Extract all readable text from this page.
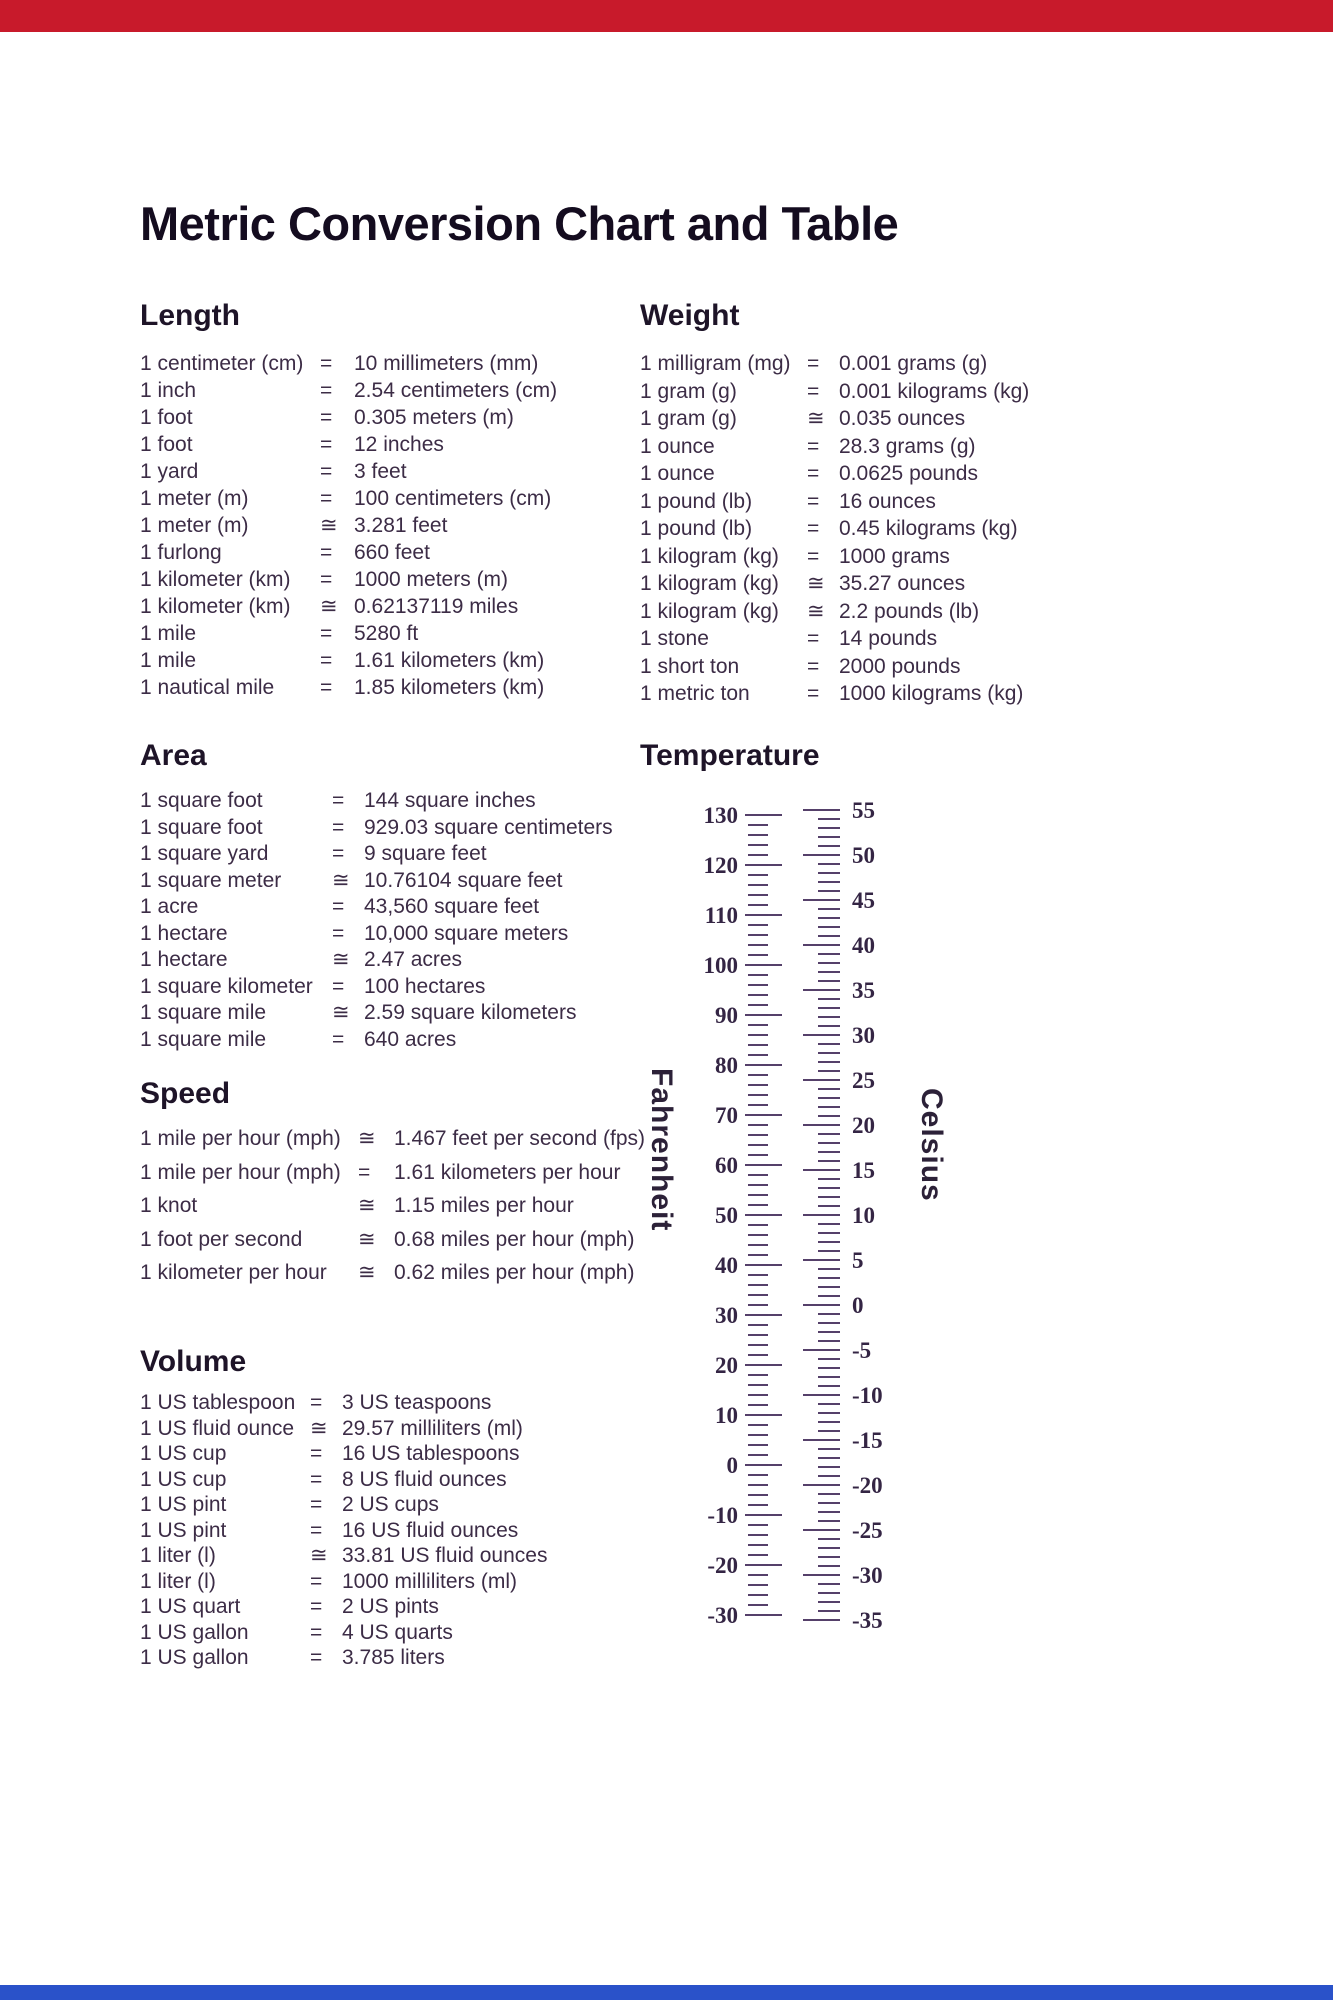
Metric Conversion Chart and Table
Length
1 centimeter (cm) =	10 millimeters (mm)
1 inch	=	2.54 centimeters (cm)
1 foot	=	0.305 meters (m)
1 foot	=	12 inches
1 yard	=	3 feet
1 meter (m)	=	100 centimeters (cm)
1 meter (m)	≅ 3.281 feet
1 furlong	=	660 feet
1 kilometer (km)	=	1000 meters (m)
1 kilometer (km)	≅ 0.62137119 miles
1 mile	=	5280 ft
1 mile	=	1.61 kilometers (km)
1 nautical mile	=	1.85 kilometers (km)
Area
1 square foot	= 144 square inches
1 square foot	= 929.03 square centimeters
1 square yard	= 9 square feet
1 square meter	≅ 10.76104 square feet
1 acre	= 43,560 square feet
1 hectare	= 10,000 square meters
1 hectare	≅ 2.47 acres
1 square kilometer = 100 hectares
1 square mile	≅ 2.59 square kilometers
1 square mile	= 640 acres
Speed
1 mile per hour (mph) ≅ 1.467 feet per second (fps)
1 mile per hour (mph) =	1.61 kilometers per hour
1 knot	≅ 1.15 miles per hour
1 foot per second	≅ 0.68 miles per hour (mph)
1 kilometer per hour	≅ 0.62 miles per hour (mph)
Volume
1 US tablespoon = 3 US teaspoons
1 US fluid ounce ≅ 29.57 milliliters (ml)
1 US cup	= 16 US tablespoons
1 US cup	= 8 US fluid ounces
1 US pint	= 2 US cups
1 US pint	= 16 US fluid ounces
1 liter (l)	≅ 33.81 US fluid ounces
1 liter (l)	= 1000 milliliters (ml)
1 US quart	= 2 US pints
1 US gallon	= 4 US quarts
1 US gallon	= 3.785 liters
Weight
1 milligram (mg) = 0.001 grams (g)
1 gram (g)	= 0.001 kilograms (kg)
1 gram (g)	≅ 0.035 ounces
1 ounce	= 28.3 grams (g)
1 ounce	= 0.0625 pounds
1 pound (lb)	= 16 ounces
1 pound (lb)	= 0.45 kilograms (kg)
1 kilogram (kg)	= 1000 grams
1 kilogram (kg)	≅ 35.27 ounces
1 kilogram (kg)	≅ 2.2 pounds (lb)
1 stone	= 14 pounds
1 short ton	= 2000 pounds
1 metric ton	= 1000 kilograms (kg)
Temperature
130
120
110
100
90
80
70
60
50
40
30
20
10
0
-10
-20
-30
55
50
45
40
35
30
25
20
15
10
5
0
-5
-10
-15
-20
-25
-30
-35
Fahrenheit	Celsius
